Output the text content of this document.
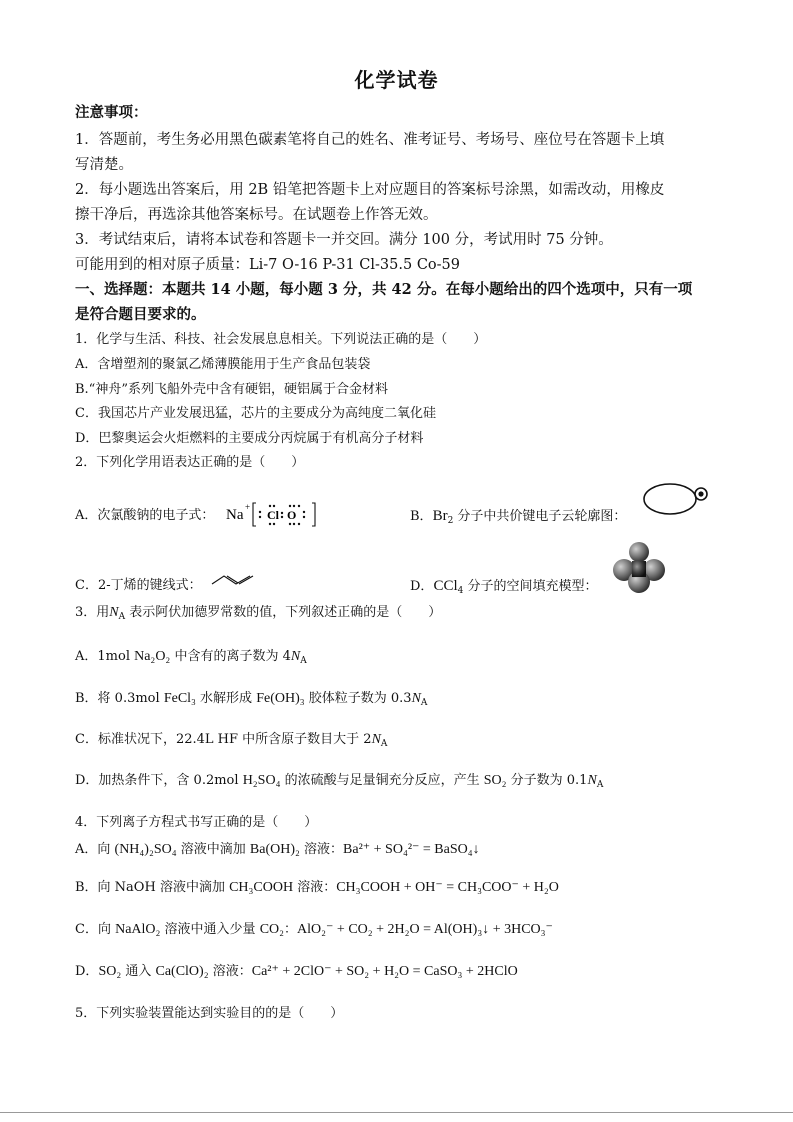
化学试卷
注意事项：
1．答题前，考生务必用黑色碳素笔将自己的姓名、准考证号、考场号、座位号在答题卡上填
写清楚。
2．每小题选出答案后，用 2B 铅笔把答题卡上对应题目的答案标号涂黑，如需改动，用橡皮
擦干净后，再选涂其他答案标号。在试题卷上作答无效。
3．考试结束后，请将本试卷和答题卡一并交回。满分 100 分，考试用时 75 分钟。
可能用到的相对原子质量：Li-7 O-16 P-31 Cl-35.5 Co-59
一、选择题：本题共 14 小题，每小题 3 分，共 42 分。在每小题给出的四个选项中，只有一项
是符合题目要求的。
1．化学与生活、科技、社会发展息息相关。下列说法正确的是（　　）
A．含增塑剂的聚氯乙烯薄膜能用于生产食品包装袋
B.“神舟”系列飞船外壳中含有硬铝，硬铝属于合金材料
C．我国芯片产业发展迅猛，芯片的主要成分为高纯度二氧化硅
D．巴黎奥运会火炬燃料的主要成分丙烷属于有机高分子材料
2．下列化学用语表达正确的是（　　）
A．次氯酸钠的电子式： Na +
Cl O	B．$Br_2$ 分子中共价键电子云轮廓图：
C．2-丁烯的键线式：	D．CCl$_4$ 分子的空间填充模型：
3．用$N_A$ 表示阿伏加德罗常数的值，下列叙述正确的是（　　）
A．1mol Na₂O₂ 中含有的离子数为 $4N_A$
B．将 0.3mol FeCl₃ 水解形成 Fe(OH)₃ 胶体粒子数为 $0.3N_A$
C．标准状况下，22.4L HF 中所含原子数目大于 $2N_A$
D．加热条件下，含 0.2mol H₂SO₄ 的浓硫酸与足量铜充分反应，产生 SO₂ 分子数为 $0.1N_A$
4．下列离子方程式书写正确的是（　　）
A．向 (NH₄)₂SO₄ 溶液中滴加 Ba(OH)₂ 溶液：Ba²⁺ + SO₄²⁻ = BaSO₄↓
B．向 NaOH 溶液中滴加 CH₃COOH 溶液：CH₃COOH + OH⁻ = CH₃COO⁻ + H₂O
C．向 NaAlO₂ 溶液中通入少量 CO₂：AlO₂⁻ + CO₂ + 2H₂O = Al(OH)₃↓ + 3HCO₃⁻
D．SO₂ 通入 Ca(ClO)₂ 溶液：Ca²⁺ + 2ClO⁻ + SO₂ + H₂O = CaSO₃ + 2HClO
5．下列实验装置能达到实验目的的是（　　）
